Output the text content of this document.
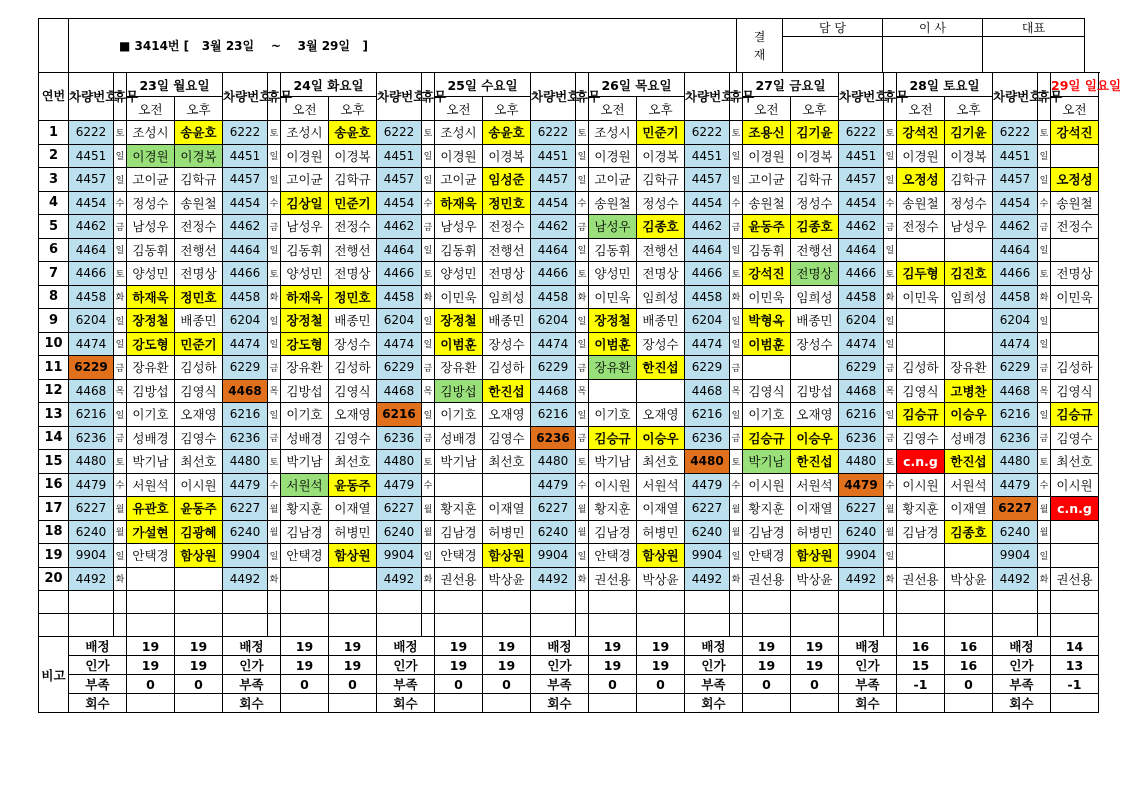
	■ 3414번 [   3월 23일    ~    3월 29일   ]	결
재	담 당	이 사	대표

연번	차량번호	휴무	23일 월요일		차량번호	휴무	24일 화요일		차량번호	휴무	25일 수요일		차량번호	휴무	26일 목요일		차량번호	휴무	27일 금요일		차량번호	휴무	28일 토요일		차량번호	휴무	29일 일요일	
			오전	오후			오전	오후			오전	오후			오전	오후			오전	오후			오전	오후			오전	
1	6222	토	조성시	송윤호	6222	토	조성시	송윤호	6222	토	조성시	송윤호	6222	토	조성시	민준기	6222	토	조용신	김기윤	6222	토	강석진	김기윤	6222	토	강석진	
2	4451	일	이경원	이경복	4451	일	이경원	이경복	4451	일	이경원	이경복	4451	일	이경원	이경복	4451	일	이경원	이경복	4451	일	이경원	이경복	4451	일		
3	4457	일	고이균	김학규	4457	일	고이균	김학규	4457	일	고이균	임성준	4457	일	고이균	김학규	4457	일	고이균	김학규	4457	일	오정성	김학규	4457	일	오정성	
4	4454	수	정성수	송원철	4454	수	김상일	민준기	4454	수	하재욱	정민호	4454	수	송원철	정성수	4454	수	송원철	정성수	4454	수	송원철	정성수	4454	수	송원철	
5	4462	금	남성우	전정수	4462	금	남성우	전정수	4462	금	남성우	전정수	4462	금	남성우	김종호	4462	금	윤동주	김종호	4462	금	전정수	남성우	4462	금	전정수	
6	4464	일	김동휘	전행선	4464	일	김동휘	전행선	4464	일	김동휘	전행선	4464	일	김동휘	전행선	4464	일	김동휘	전행선	4464	일			4464	일		
7	4466	토	양성민	전명상	4466	토	양성민	전명상	4466	토	양성민	전명상	4466	토	양성민	전명상	4466	토	강석진	전명상	4466	토	김두형	김진호	4466	토	전명상	
8	4458	화	하재욱	정민호	4458	화	하재욱	정민호	4458	화	이민욱	임희성	4458	화	이민욱	임희성	4458	화	이민욱	임희성	4458	화	이민욱	임희성	4458	화	이민욱	
9	6204	일	장정철	배종민	6204	일	장정철	배종민	6204	일	장정철	배종민	6204	일	장정철	배종민	6204	일	박형옥	배종민	6204	일			6204	일		
10	4474	일	강도형	민준기	4474	일	강도형	장성수	4474	일	이범훈	장성수	4474	일	이범훈	장성수	4474	일	이범훈	장성수	4474	일			4474	일		
11	6229	금	장유환	김성하	6229	금	장유환	김성하	6229	금	장유환	김성하	6229	금	장유환	한진섭	6229	금			6229	금	김성하	장유환	6229	금	김성하	
12	4468	목	김방섭	김영식	4468	목	김방섭	김영식	4468	목	김방섭	한진섭	4468	목			4468	목	김영식	김방섭	4468	목	김영식	고병찬	4468	목	김영식	
13	6216	일	이기호	오재영	6216	일	이기호	오재영	6216	일	이기호	오재영	6216	일	이기호	오재영	6216	일	이기호	오재영	6216	일	김승규	이승우	6216	일	김승규	
14	6236	금	성배경	김영수	6236	금	성배경	김영수	6236	금	성배경	김영수	6236	금	김승규	이승우	6236	금	김승규	이승우	6236	금	김영수	성배경	6236	금	김영수	
15	4480	토	박기남	최선호	4480	토	박기남	최선호	4480	토	박기남	최선호	4480	토	박기남	최선호	4480	토	박기남	한진섭	4480	토	c.n.g	한진섭	4480	토	최선호	
16	4479	수	서원석	이시원	4479	수	서원석	윤동주	4479	수			4479	수	이시원	서원석	4479	수	이시원	서원석	4479	수	이시원	서원석	4479	수	이시원	
17	6227	월	유관호	윤동주	6227	월	황지훈	이재열	6227	월	황지훈	이재열	6227	월	황지훈	이재열	6227	월	황지훈	이재열	6227	월	황지훈	이재열	6227	월	c.n.g	
18	6240	월	가설현	김광혜	6240	월	김남경	허병민	6240	월	김남경	허병민	6240	월	김남경	허병민	6240	월	김남경	허병민	6240	월	김남경	김종호	6240	월		
19	9904	일	안택경	함상원	9904	일	안택경	함상원	9904	일	안택경	함상원	9904	일	안택경	함상원	9904	일	안택경	함상원	9904	일			9904	일		
20	4492	화			4492	화			4492	화	권선용	박상윤	4492	화	권선용	박상윤	4492	화	권선용	박상윤	4492	화	권선용	박상윤	4492	화	권선용	

비고	배정		19	19	배정		19	19	배정		19	19	배정		19	19	배정		19	19	배정		16	16	배정		14	
	인가		19	19	인가		19	19	인가		19	19	인가		19	19	인가		19	19	인가		15	16	인가		13	
	부족		0	0	부족		0	0	부족		0	0	부족		0	0	부족		0	0	부족		-1	0	부족		-1	
	회수				회수				회수				회수				회수				회수				회수			
